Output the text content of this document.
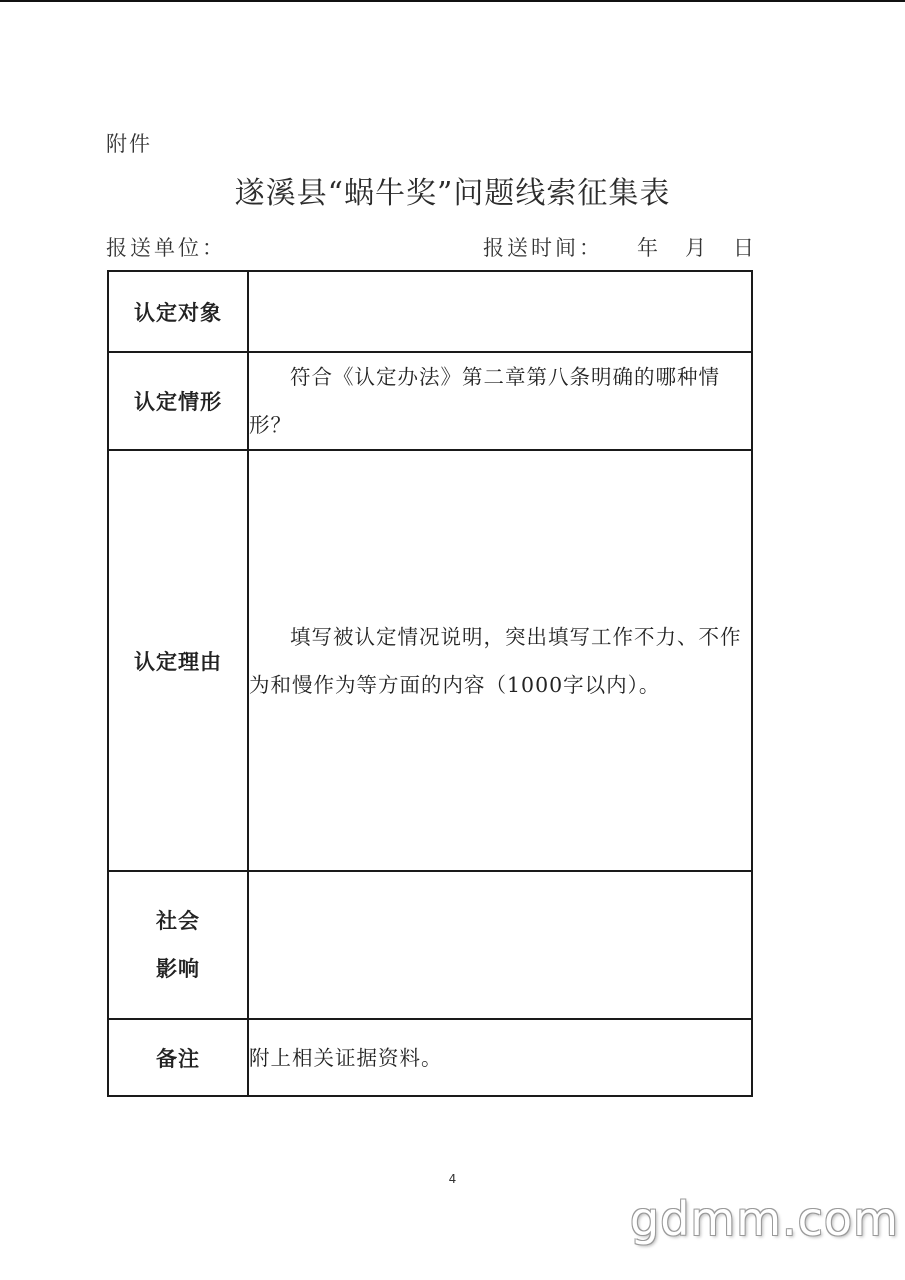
附件
遂溪县“蜗牛奖”问题线索征集表
报送单位：	报送时间： 年 月 日
认定对象	
认定情形	符合《认定办法》第二章第八条明确的哪种情形？
认定理由	填写被认定情况说明，突出填写工作不力、不作为和慢作为等方面的内容（1000字以内）。

社会
影响	

备注	附上相关证据资料。
4
gdmm.com
